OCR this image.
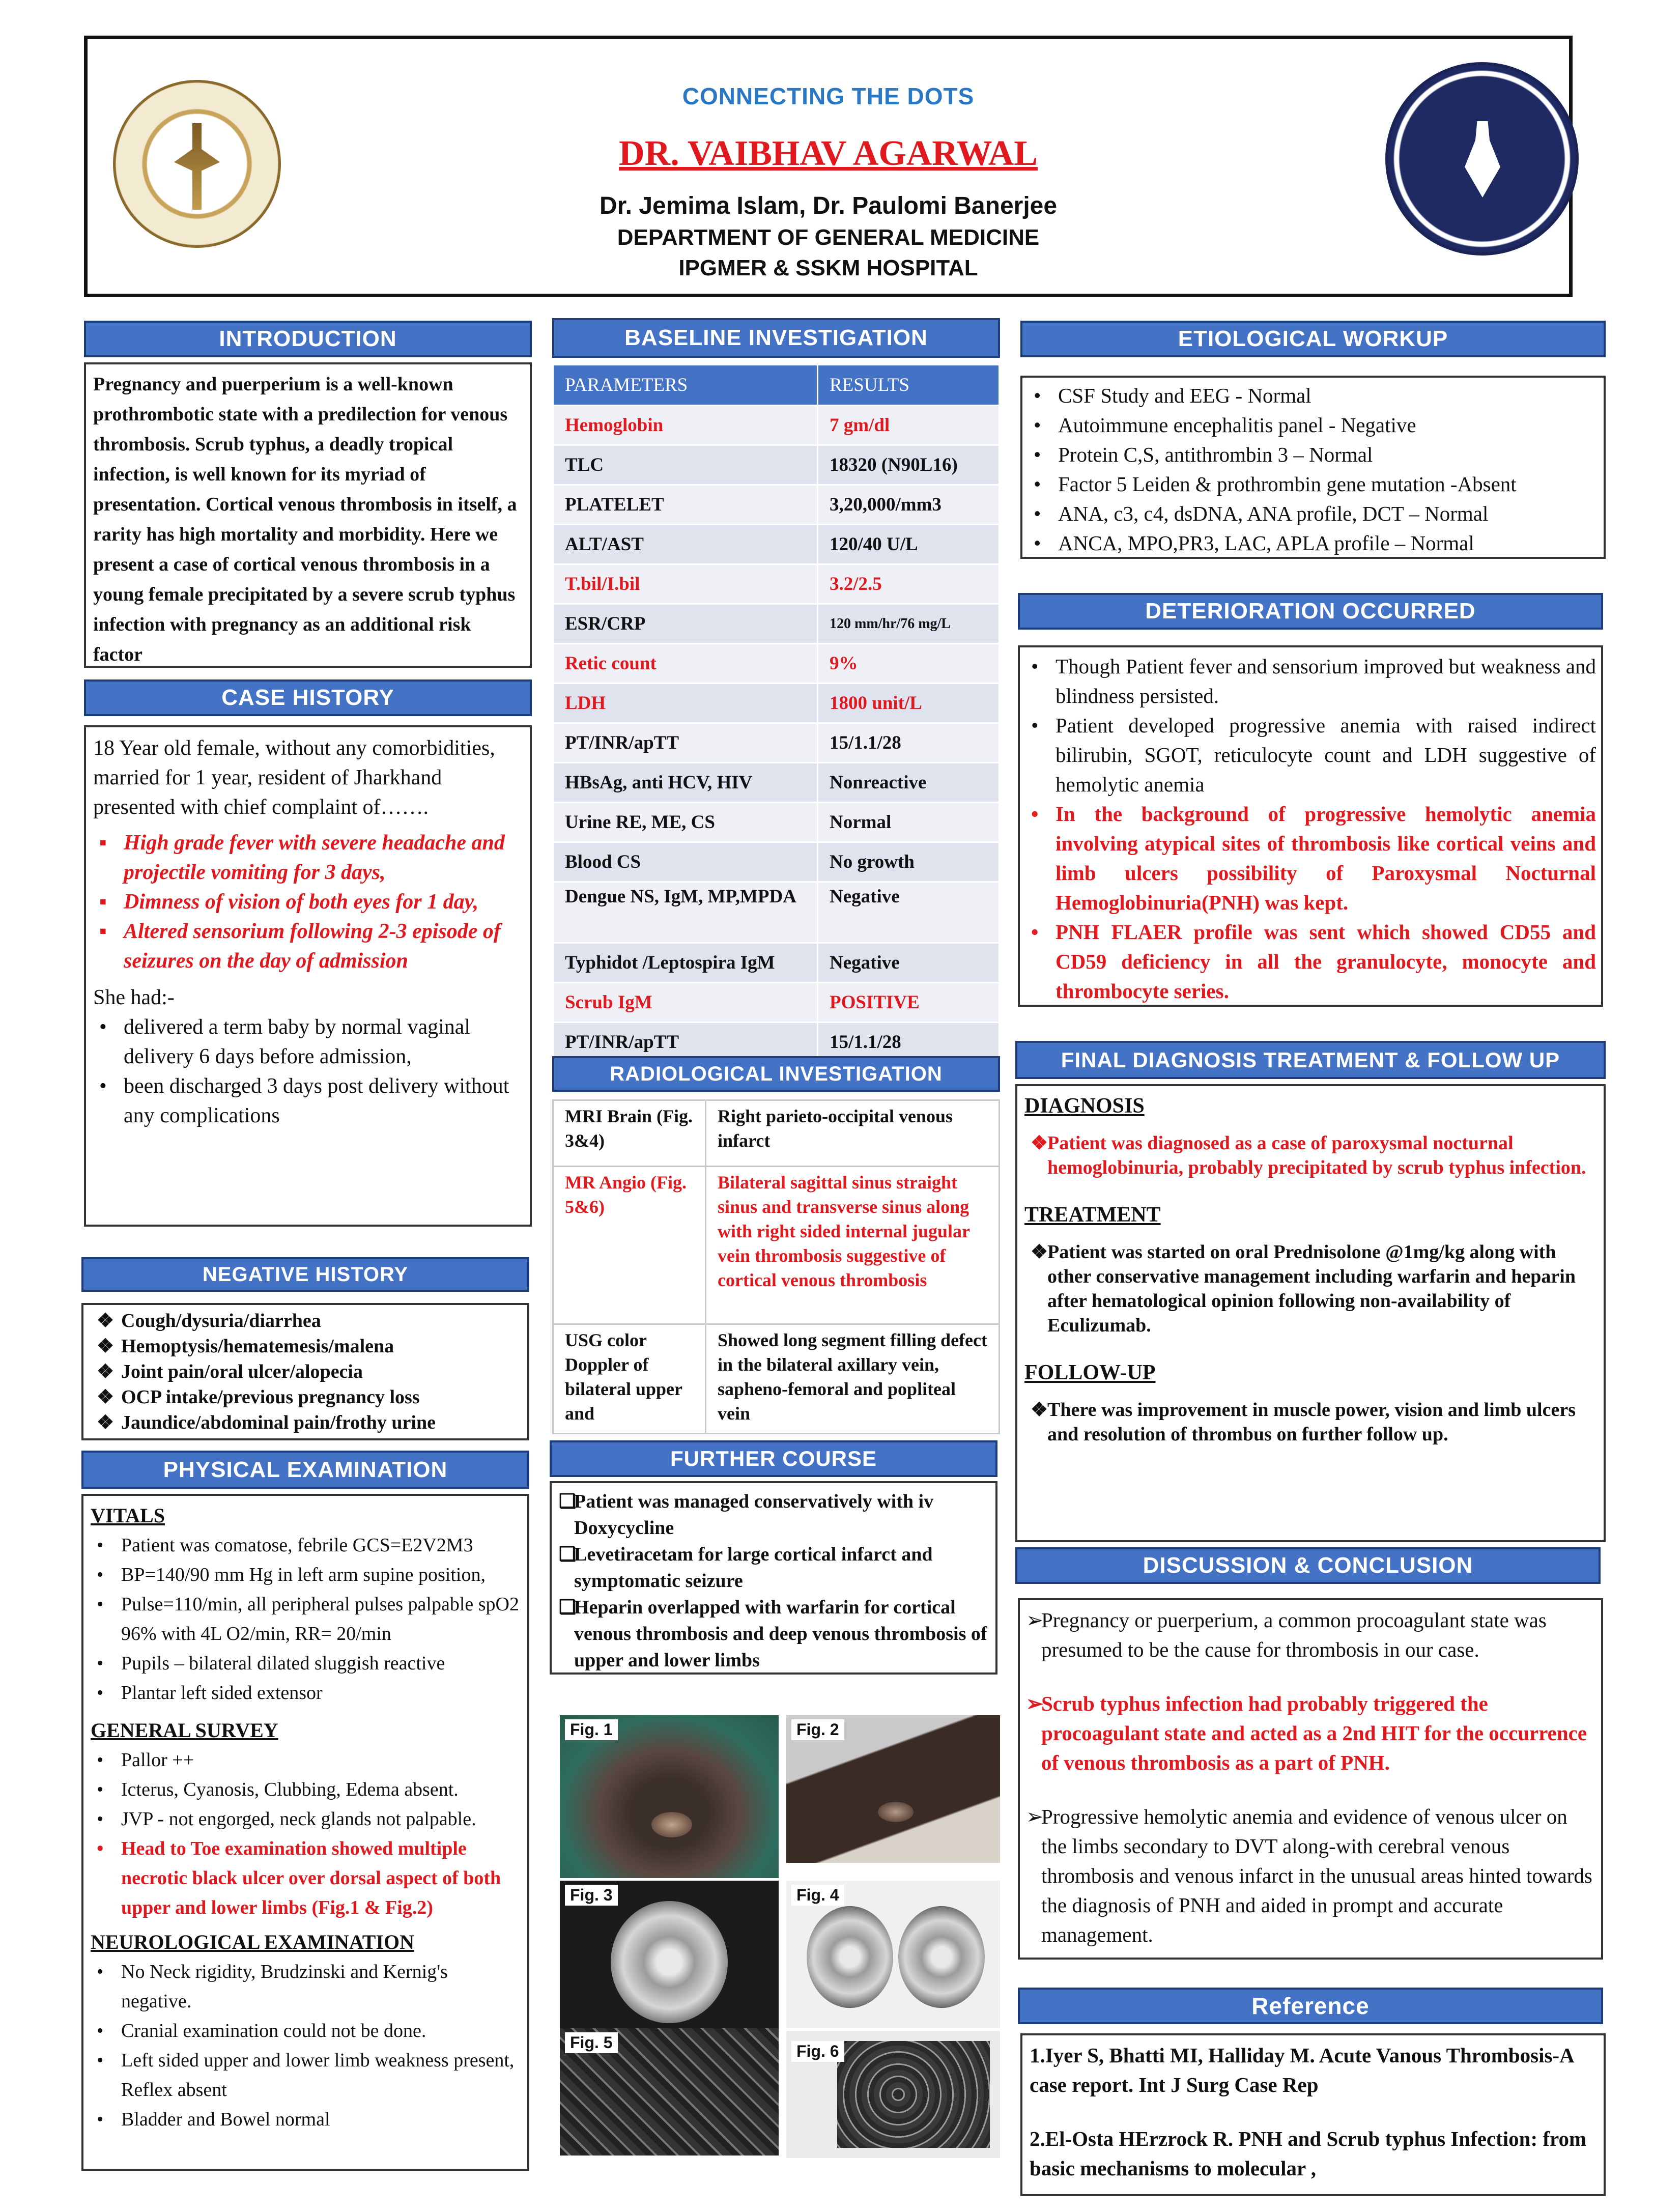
CONNECTING THE DOTS
DR. VAIBHAV AGARWAL
Dr. Jemima Islam, Dr. Paulomi Banerjee
DEPARTMENT OF GENERAL MEDICINE
IPGMER & SSKM HOSPITAL
INTRODUCTION
Pregnancy and puerperium is a well-known prothrombotic state with a predilection for venous thrombosis. Scrub typhus, a deadly tropical infection, is well known for its myriad of presentation. Cortical venous thrombosis in itself, a rarity has high mortality and morbidity. Here we present a case of cortical venous thrombosis in a young female precipitated by a severe scrub typhus infection with pregnancy as an additional risk factor
CASE HISTORY
18 Year old female, without any comorbidities, married for 1 year, resident of Jharkhand presented with chief complaint of…….
▪ High grade fever with severe headache and projectile vomiting for 3 days,
▪ Dimness of vision of both eyes for 1 day,
▪ Altered sensorium following 2-3 episode of seizures on the day of admission
She had:-
• delivered a term baby by normal vaginal delivery 6 days before admission,
• been discharged 3 days post delivery without any complications
NEGATIVE HISTORY
❖ Cough/dysuria/diarrhea
❖ Hemoptysis/hematemesis/malena
❖ Joint pain/oral ulcer/alopecia
❖ OCP intake/previous pregnancy loss
❖ Jaundice/abdominal pain/frothy urine
PHYSICAL EXAMINATION
VITALS
• Patient was comatose, febrile GCS=E2V2M3
• BP=140/90 mm Hg in left arm supine position,
• Pulse=110/min, all peripheral pulses palpable spO2 96% with 4L O2/min, RR= 20/min
• Pupils – bilateral dilated sluggish reactive
• Plantar left sided extensor
GENERAL SURVEY
• Pallor ++
• Icterus, Cyanosis, Clubbing, Edema absent.
• JVP - not engorged, neck glands not palpable.
• Head to Toe examination showed multiple necrotic black ulcer over dorsal aspect of both upper and lower limbs (Fig.1 & Fig.2)
NEUROLOGICAL EXAMINATION
• No Neck rigidity, Brudzinski and Kernig's negative.
• Cranial examination could not be done.
• Left sided upper and lower limb weakness present, Reflex absent
• Bladder and Bowel normal
BASELINE INVESTIGATION
PARAMETERS	RESULTS
Hemoglobin	7 gm/dl
TLC	18320 (N90L16)
PLATELET	3,20,000/mm3
ALT/AST	120/40 U/L
T.bil/I.bil	3.2/2.5
ESR/CRP	120 mm/hr/76 mg/L
Retic count	9%
LDH	1800 unit/L
PT/INR/apTT	15/1.1/28
HBsAg, anti HCV, HIV	Nonreactive
Urine RE, ME, CS	Normal
Blood CS	No growth
Dengue NS, IgM, MP,MPDA	Negative
Typhidot /Leptospira IgM	Negative
Scrub IgM	POSITIVE
PT/INR/apTT	15/1.1/28
RADIOLOGICAL INVESTIGATION
MRI Brain (Fig. 3&4)	Right parieto-occipital venous infarct
MR Angio (Fig. 5&6)	Bilateral sagittal sinus straight sinus and transverse sinus along with right sided internal jugular vein thrombosis suggestive of cortical venous thrombosis
USG color Doppler of bilateral upper and	Showed long segment filling defect in the bilateral axillary vein, sapheno-femoral and popliteal vein
FURTHER COURSE
❑ Patient was managed conservatively with iv Doxycycline
❑ Levetiracetam for large cortical infarct and symptomatic seizure
❑ Heparin overlapped with warfarin for cortical venous thrombosis and deep venous thrombosis of upper and lower limbs
Fig. 1	Fig. 2
Fig. 3	Fig. 4
Fig. 5	Fig. 6
ETIOLOGICAL WORKUP
• CSF Study and EEG - Normal
• Autoimmune encephalitis panel - Negative
• Protein C,S, antithrombin 3 – Normal
• Factor 5 Leiden & prothrombin gene mutation -Absent
• ANA, c3, c4, dsDNA, ANA profile, DCT – Normal
• ANCA, MPO,PR3, LAC, APLA profile – Normal
DETERIORATION OCCURRED
• Though Patient fever and sensorium improved but weakness and blindness persisted.
• Patient developed progressive anemia with raised indirect bilirubin, SGOT, reticulocyte count and LDH suggestive of hemolytic anemia
• In the background of progressive hemolytic anemia involving atypical sites of thrombosis like cortical veins and limb ulcers possibility of Paroxysmal Nocturnal Hemoglobinuria(PNH) was kept.
• PNH FLAER profile was sent which showed CD55 and CD59 deficiency in all the granulocyte, monocyte and thrombocyte series.
FINAL DIAGNOSIS TREATMENT & FOLLOW UP
DIAGNOSIS
❖ Patient was diagnosed as a case of paroxysmal nocturnal hemoglobinuria, probably precipitated by scrub typhus infection.
TREATMENT
❖ Patient was started on oral Prednisolone @1mg/kg along with other conservative management including warfarin and heparin after hematological opinion following non-availability of Eculizumab.
FOLLOW-UP
❖ There was improvement in muscle power, vision and limb ulcers and resolution of thrombus on further follow up.
DISCUSSION & CONCLUSION
➢ Pregnancy or puerperium, a common procoagulant state was presumed to be the cause for thrombosis in our case.
➢ Scrub typhus infection had probably triggered the procoagulant state and acted as a 2nd HIT for the occurrence of venous thrombosis as a part of PNH.
➢ Progressive hemolytic anemia and evidence of venous ulcer on the limbs secondary to DVT along-with cerebral venous thrombosis and venous infarct in the unusual areas hinted towards the diagnosis of PNH and aided in prompt and accurate management.
Reference
1.Iyer S, Bhatti MI, Halliday M. Acute Vanous Thrombosis-A case report. Int J Surg Case Rep
2.El-Osta HErzrock R. PNH and Scrub typhus Infection: from basic mechanisms to molecular ,
